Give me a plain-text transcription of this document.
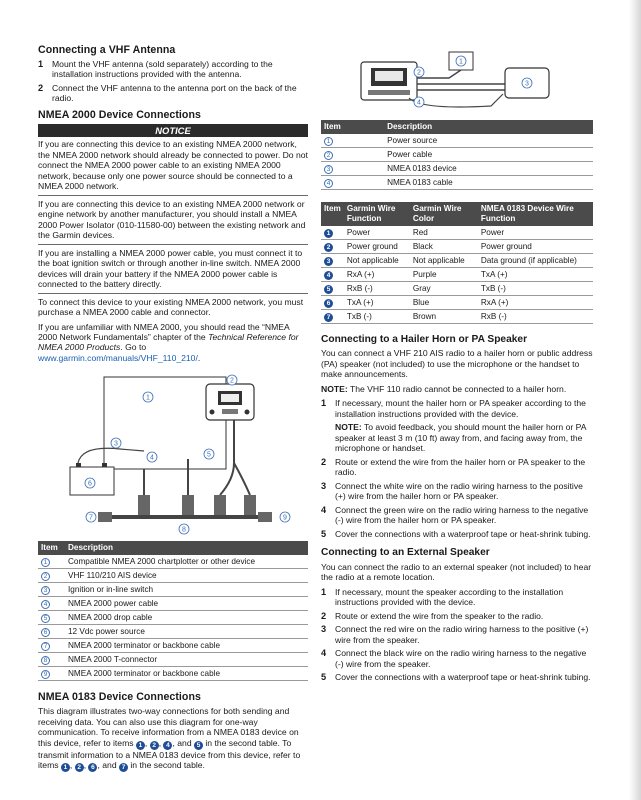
Connecting a VHF Antenna
1 Mount the VHF antenna (sold separately) according to the installation instructions provided with the antenna.
2 Connect the VHF antenna to the antenna port on the back of the radio.
NMEA 2000 Device Connections
NOTICE

If you are connecting this device to an existing NMEA 2000 network, the NMEA 2000 network should already be connected to power. Do not connect the NMEA 2000 power cable to an existing NMEA 2000 network, because only one power source should be connected to a NMEA 2000 network.

If you are connecting this device to an existing NMEA 2000 network or engine network by another manufacturer, you should install a NMEA 2000 Power Isolator (010-11580-00) between the existing network and the Garmin devices.

If you are installing a NMEA 2000 power cable, you must connect it to the boat ignition switch or through another in-line switch. NMEA 2000 devices will drain your battery if the NMEA 2000 power cable is connected to the battery directly.

To connect this device to your existing NMEA 2000 network, you must purchase a NMEA 2000 cable and connector.

If you are unfamiliar with NMEA 2000, you should read the “NMEA 2000 Network Fundamentals” chapter of the Technical Reference for NMEA 2000 Products. Go to www.garmin.com/manuals/VHF_110_210/.

1
2
5
6
3
4
7
8
9
Item	Description
1	Compatible NMEA 2000 chartplotter or other device
2	VHF 110/210 AIS device
3	Ignition or in-line switch
4	NMEA 2000 power cable
5	NMEA 2000 drop cable
6	12 Vdc power source
7	NMEA 2000 terminator or backbone cable
8	NMEA 2000 T-connector
9	NMEA 2000 terminator or backbone cable
NMEA 0183 Device Connections

This diagram illustrates two-way connections for both sending and receiving data. You can also use this diagram for one-way communication. To receive information from a NMEA 0183 device on this device, refer to items 1 , 2 , 4 , and 5 in the second table. To transmit information to a NMEA 0183 device from this device, refer to items 1 , 2 , 6 , and 7 in the second table.

1
2
4
3
Item	Description
1	Power source
2	Power cable
3	NMEA 0183 device
4	NMEA 0183 cable
Item	Garmin Wire Function	Garmin Wire Color	NMEA 0183 Device Wire Function
1	Power	Red	Power
2	Power ground	Black	Power ground
3	Not applicable	Not applicable	Data ground (if applicable)
4	RxA (+)	Purple	TxA (+)
5	RxB (-)	Gray	TxB (-)
6	TxA (+)	Blue	RxA (+)
7	TxB (-)	Brown	RxB (-)
Connecting to a Hailer Horn or PA Speaker

You can connect a VHF 210 AIS radio to a hailer horn or public address (PA) speaker (not included) to use the microphone or the handset to make announcements.

NOTE: The VHF 110 radio cannot be connected to a hailer horn.

1 If necessary, mount the hailer horn or PA speaker according to the installation instructions provided with the device.
NOTE: To avoid feedback, you should mount the hailer horn or PA speaker at least 3 m (10 ft) away from, and facing away from, the microphone or handset.
2 Route or extend the wire from the hailer horn or PA speaker to the radio.
3 Connect the white wire on the radio wiring harness to the positive (+) wire from the hailer horn or PA speaker.
4 Connect the green wire on the radio wiring harness to the negative (-) wire from the hailer horn or PA speaker.
5 Cover the connections with a waterproof tape or heat-shrink tubing.
Connecting to an External Speaker

You can connect the radio to an external speaker (not included) to hear the radio at a remote location.

1 If necessary, mount the speaker according to the installation instructions provided with the device.
2 Route or extend the wire from the speaker to the radio.
3 Connect the red wire on the radio wiring harness to the positive (+) wire from the speaker.
4 Connect the black wire on the radio wiring harness to the negative (-) wire from the speaker.
5 Cover the connections with a waterproof tape or heat-shrink tubing.
